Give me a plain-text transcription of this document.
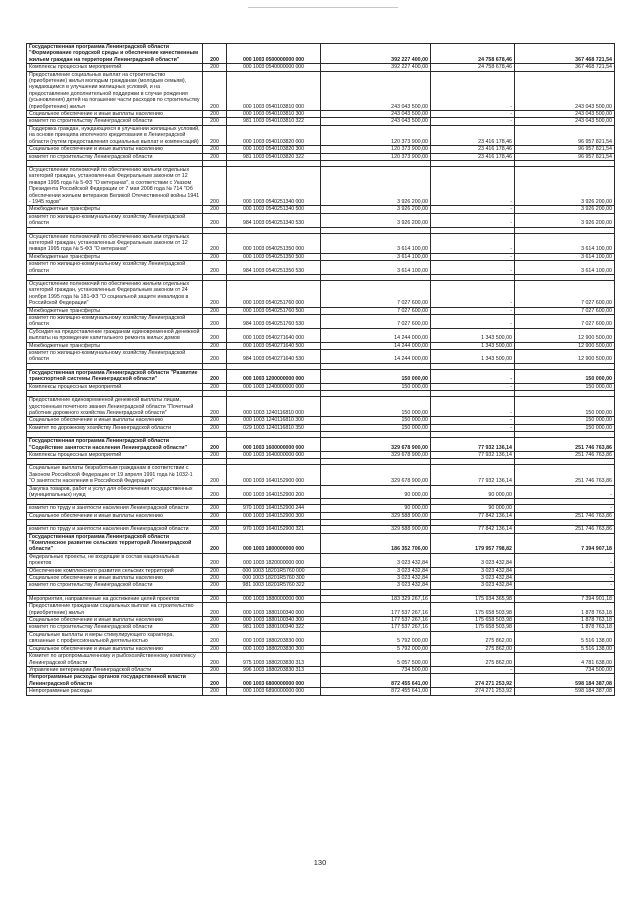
Государственная программа Ленинградской области "Формирование городской среды и обеспечение качественным жильем граждан на территории Ленинградской области"	200	000 1003 0500000000 000	392 227 400,00	24 758 678,46	367 468 721,54
Комплексы процессных мероприятий	200	000 1003 0540000000 000	392 227 400,00	24 758 678,46	367 468 721,54
Предоставление социальных выплат на строительство (приобретение) жилья молодым гражданам (молодым семьям), нуждающимся в улучшении жилищных условий, и на предоставление дополнительной поддержки в случае рождения (усыновления) детей на погашение части расходов по строительству (приобретению) жилья	200	000 1003 0540103810 000	243 043 500,00	-	243 043 500,00
Социальное обеспечение и иные выплаты населению	200	000 1003 0540103810 300	243 043 500,00	-	243 043 500,00
комитет по строительству Ленинградской области	200	981 1003 0540103810 322	243 043 500,00	-	243 043 500,00
Поддержка граждан, нуждающихся в улучшении жилищных условий, на основе принципа ипотечного кредитования в Ленинградской области (путем предоставления социальных выплат и компенсаций)	200	000 1003 0540103820 000	120 373 900,00	23 416 178,46	96 957 821,54
Социальное обеспечение и иные выплаты населению	200	000 1003 0540103820 300	120 373 900,00	23 416 178,46	96 957 821,54
комитет по строительству Ленинградской области	200	981 1003 0540103820 322	120 373 900,00	23 416 178,46	96 957 821,54

Осуществление полномочий по обеспечению жильем отдельных категорий граждан, установленных Федеральным законом от 12 января 1995 года № 5-ФЗ "О ветеранах", в соответствии с Указом Президента Российской Федерации от 7 мая 2008 года № 714 "Об обеспечении жильем ветеранов Великой Отечественной войны 1941 - 1945 годов"	200	000 1003 0540251340 000	3 926 200,00	-	3 926 200,00
Межбюджетные трансферты	200	000 1003 0540251340 500	3 926 200,00	-	3 926 200,00
комитет по жилищно-коммунальному хозяйству Ленинградской области	200	984 1003 0540251340 530	3 926 200,00	-	3 926 200,00

Осуществление полномочий по обеспечению жильем отдельных категорий граждан, установленных Федеральным законом от 12 января 1995 года № 5-ФЗ "О ветеранах"	200	000 1003 0540251350 000	3 614 100,00	-	3 614 100,00
Межбюджетные трансферты	200	000 1003 0540251350 500	3 614 100,00	-	3 614 100,00
комитет по жилищно-коммунальному хозяйству Ленинградской области	200	984 1003 0540251350 530	3 614 100,00	-	3 614 100,00

Осуществление полномочий по обеспечению жильем отдельных категорий граждан, установленных Федеральным законом от 24 ноября 1995 года № 181-ФЗ "О социальной защите инвалидов в Российской Федерации"	200	000 1003 0540251760 000	7 027 600,00	-	7 027 600,00
Межбюджетные трансферты	200	000 1003 0540251760 500	7 027 600,00	-	7 027 600,00
комитет по жилищно-коммунальному хозяйству Ленинградской области	200	984 1003 0540251760 530	7 027 600,00	-	7 027 600,00
Субсидия на предоставление гражданам единовременной денежной выплаты на проведение капитального ремонта жилых домов	200	000 1003 0540271640 000	14 244 000,00	1 343 500,00	12 900 500,00
Межбюджетные трансферты	200	000 1003 0540271640 500	14 244 000,00	1 343 500,00	12 900 500,00
комитет по жилищно-коммунальному хозяйству Ленинградской области	200	984 1003 0540271640 530	14 244 000,00	1 343 500,00	12 900 500,00

Государственная программа Ленинградской области "Развитие транспортной системы Ленинградской области"	200	000 1003 1200000000 000	150 000,00	-	150 000,00
Комплексы процессных мероприятий	200	000 1003 1240000000 000	150 000,00	-	150 000,00

Предоставление единовременной денежной выплаты лицам, удостоенным почетного звания Ленинградской области "Почетный работник дорожного хозяйства Ленинградской области"	200	000 1003 1240116810 000	150 000,00	-	150 000,00
Социальное обеспечение и иные выплаты населению	200	000 1003 1240116810 300	150 000,00	-	150 000,00
Комитет по дорожному хозяйству Ленинградской области	200	029 1003 1240116810 350	150 000,00	-	150 000,00

Государственная программа Ленинградской области "Содействие занятости населения Ленинградской области"	200	000 1003 1600000000 000	329 678 900,00	77 932 136,14	251 746 763,86
Комплексы процессных мероприятий	200	000 1003 1640000000 000	329 678 900,00	77 932 136,14	251 746 763,86

Социальные выплаты безработным гражданам в соответствии с Законом Российской Федерации от 19 апреля 1991 года № 1032-1 "О занятости населения в Российской Федерации"	200	000 1003 1640152900 000	329 678 900,00	77 932 136,14	251 746 763,86
Закупка товаров, работ и услуг для обеспечения государственных (муниципальных) нужд	200	000 1003 1640152900 200	90 000,00	90 000,00	-

комитет по труду и занятости населения Ленинградской области	200	970 1003 1640152900 244	90 000,00	90 000,00	-
Социальное обеспечение и иные выплаты населению	200	000 1003 1640152900 300	329 588 900,00	77 842 136,14	251 746 763,86

комитет по труду и занятости населения Ленинградской области	200	970 1003 1640152900 321	329 588 900,00	77 842 136,14	251 746 763,86
Государственная программа Ленинградской области "Комплексное развитие сельских территорий Ленинградской области"	200	000 1003 1800000000 000	186 352 706,00	179 957 798,82	7 394 907,18
Федеральные проекты, не входящие в состав национальных проектов	200	000 1003 1820000000 000	3 023 432,84	3 023 432,84	-
Обеспечение комплексного развития сельских территорий	200	000 1003 18201R5760 000	3 023 432,84	3 023 432,84	-
Социальное обеспечение и иные выплаты населению	200	000 1003 18201R5760 300	3 023 432,84	3 023 432,84	-
комитет по строительству Ленинградской области	200	981 1003 18201R5760 322	3 023 432,84	3 023 432,84	-

Мероприятия, направленные на достижение целей проектов	200	000 1003 1880000000 000	183 329 267,16	175 934 365,98	7 394 901,18
Предоставление гражданам социальных выплат на строительство (приобретение) жилья	200	000 1003 1880100340 000	177 537 267,16	175 658 503,98	1 878 763,18
Социальное обеспечение и иные выплаты населению	200	000 1003 1880100340 300	177 537 267,16	175 658 503,98	1 878 763,18
комитет по строительству Ленинградской области	200	981 1003 1880100340 322	177 537 267,16	175 658 503,98	1 878 763,18
Социальные выплаты и меры стимулирующего характера, связанные с профессиональной деятельностью	200	000 1003 1880203830 000	5 792 000,00	275 862,00	5 516 138,00
Социальное обеспечение и иные выплаты населению	200	000 1003 1880203830 300	5 792 000,00	275 862,00	5 516 138,00
Комитет по агропромышленному и рыбохозяйственному комплексу Ленинградской области	200	975 1003 1880203830 313	5 057 500,00	275 862,00	4 781 638,00
Управление ветеринарии Ленинградской области	200	996 1003 1880203830 313	734 500,00	-	734 500,00
Непрограммные расходы органов государственной власти Ленинградской области	200	000 1003 6800000000 000	872 455 641,00	274 271 253,92	598 184 387,08
Непрограммные расходы	200	000 1003 6890000000 000	872 455 641,00	274 271 253,92	598 184 387,08
130
